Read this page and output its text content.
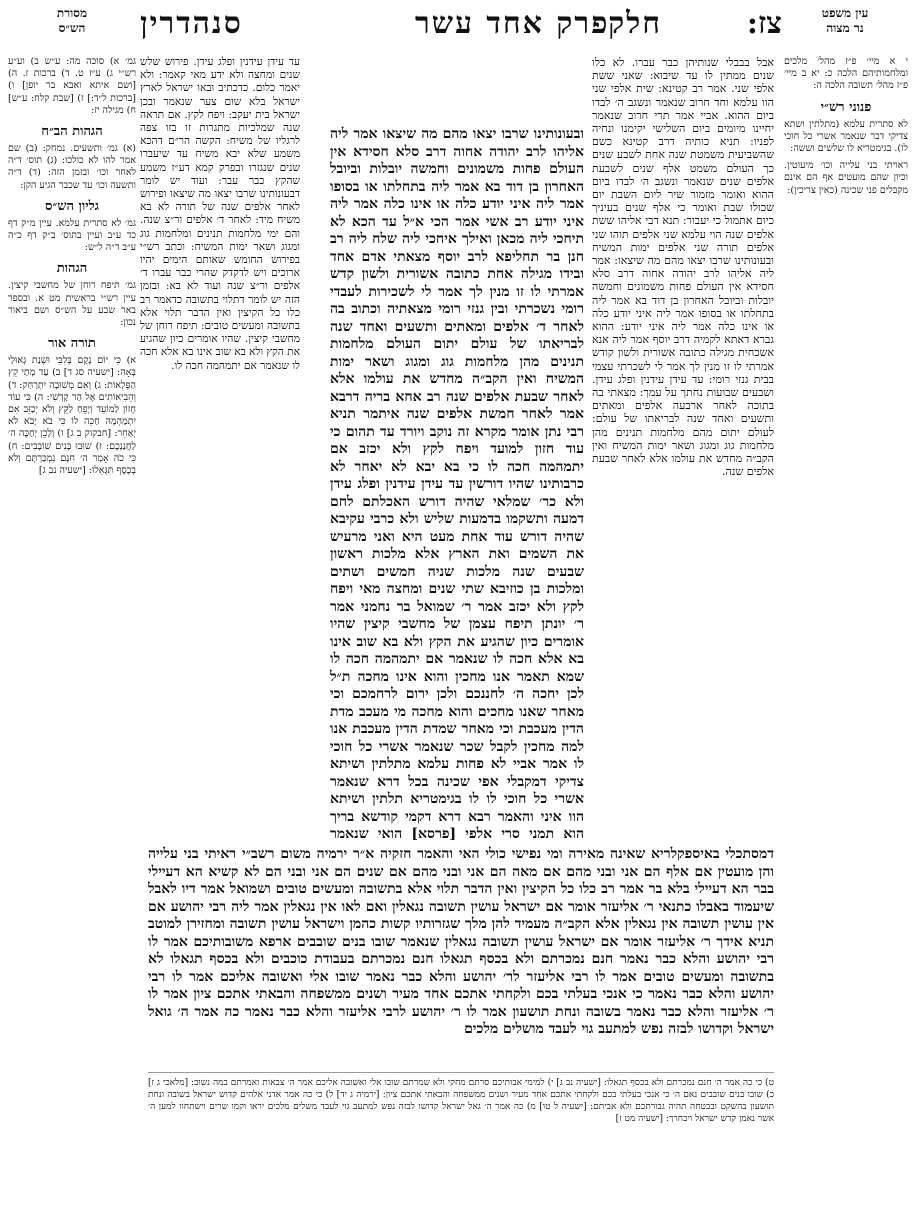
עין משפט
נר מצוה
מסורת
הש״ס	צז:
חלק
פרק אחד עשר
סנהדרין
י א מיי׳ פ״ז מהל׳ מלכים ומלחמותיהם הלכה כ: יא ב מיי׳ פ״ז מהל׳ תשובה הלכה ה:
פנוני רש״י
לא סתרית עלמא (מתלתין ושתא צדיקי דבר שנאמר אשרי כל חוכי לו). בגימטריא לו שלשים וששה:
ראויתי בני עלייה וכו׳ מיעוטין. וכיון שהם מועטים אף הם אינם מקבלים פני שכינה (כאין צריכין):
גמ׳ א) סוכה מה: ע״ש ב) וע״ע רש״י ג) ע״ז ט. ד) ברכות ז. ה) [ושם איתא ואבא בר יופן] ו) [ברכות ל״ד:] ז) [שבת קלח: ע״ש] ח) מגילה יז:
הגהות הב״ח
(א) גמ׳ ותשעים. נמחק: (ב) שם אמר להו לא כולכו: (ג) תוס׳ ד״ה לאחר וכו׳ ובזמן הזה: (ד) ד״ה ותשעה וכו׳ עד שכבר הגיע הקן:
גליון הש״ס
גמ׳ לא סתרית עלמא. עיין מ״ק דף כד ע״ב ועיין בתוס׳ ב״ק דף כ״ה ע״ב ד״ה ל״ש:
הגהות
גמ׳ תיפח רוחן של מחשבי קיצין. עיין רש״י בראשית מט א. ובספר באר שבע על הש״ס ושם ביאור נכון:
תורה אור
א) כִּי יוֹם נָקָם בְּלִבִּי וּשְׁנַת גְּאוּלַי בָּאָה: [ישעיה סג ד] ב) עַד מָתַי קֵץ הַפְּלָאוֹת: ג) וְאִם מְשׁוּבָה יִתְרַחַק: ד) וְהֵבִיאוֹתִים אֶל הַר קָדְשִׁי: ה) כִּי עוֹד חָזוֹן לַמּוֹעֵד וְיָפֵחַ לַקֵּץ וְלֹא יְכַזֵּב אִם יִתְמַהְמָהּ חַכֵּה לוֹ כִּי בֹא יָבֹא לֹא יְאַחֵר: [חבקוק ב ג] ו) וְלָכֵן יְחַכֶּה ה׳ לַחֲנַנְכֶם: ז) שׁוּבוּ בָּנִים שׁוֹבָבִים: ח) כִּי כֹה אָמַר ה׳ חִנָּם נִמְכַּרְתֶּם וְלֹא בְכֶסֶף תִּגָּאֵלוּ: [ישעיה נב ג]
אבל בבבלי שנותיהן כבר עברו. לא כלו שנים ממתין לו עד שיבוא: שאני ששת אלפי שני. אמר רב קטינא: שית אלפי שני הוו עלמא וחד חרוב שנאמר ונשגב ה׳ לבדו ביום ההוא. אביי אמר תרי חרוב שנאמר יחיינו מיומים ביום השלישי יקימנו ונחיה לפניו: תניא כותיה דרב קטינא כשם שהשביעית משמטת שנה אחת לשבע שנים כך העולם משמט אלף שנים לשבעת אלפים שנים שנאמר ונשגב ה׳ לבדו ביום ההוא ואומר מזמור שיר ליום השבת יום שכולו שבת ואומר כי אלף שנים בעיניך כיום אתמול כי יעבור: תנא דבי אליהו ששת אלפים שנה הוי עלמא שני אלפים תוהו שני אלפים תורה שני אלפים ימות המשיח ובעונותינו שרבו יצאו מהם מה שיצאו: אמר ליה אליהו לרב יהודה אחוה דרב סלא חסידא אין העולם פחות משמונים וחמשה יובלות וביובל האחרון בן דוד בא אמר ליה בתחלתו או בסופו אמר ליה איני יודע כלה או אינו כלה אמר ליה איני יודע: ההוא גברא דאתא לקמיה דרב יוסף אמר ליה אנא אשכחית מגילה כתובה אשורית ולשון קודש אמרתי לו זו מנין לך אמר לי לשכרתי עצמי בבית גנזי רומי: עד עידן עידנין ופלג עידן. ושבעים שבועות נחתך על עמך: מצאתי בה בתוכה לאחר ארבעה אלפים ומאתים ותשעים ואחד שנה לבריאתו של עולם: לעולם יתום מהם מלחמות תנינים מהן מלחמות גוג ומגוג ושאר ימות המשיח ואין הקב״ה מחדש את עולמו אלא לאחר שבעת אלפים שנה.
עד עידן עידנין ופלג עידן. פירוש שלש שנים ומחצה ולא ידע מאי קאמר: ולא יאמר כלום. כדכתיב ובאו ישראל לארץ ישראל בלא שום צער שנאמר ובכן ישראל בית יעקב: ויפח לקץ. אם תראה שנה שמלכיות מתגרות זו בזו צפה לרגליו של משיח: הקשה הר״ם דהכא משמע שלא יבא משיח עד שיעברו שנים שנגזרו ובפרק קמא דע״ז משמע שהקץ כבר עבר: ועוד יש לומר דבעונותינו שרבו יצאו מה שיצאו ופירוש לאחר אלפים שנה של תורה לא בא משיח מיד: לאחר ד׳ אלפים ור״צ שנה. והם ימי מלחמות תנינים ומלחמות גוג ומגוג ושאר ימות המשיח: וכתב רש״י בפירוש החומש שאותם הימים יהיו ארוכים ויש לדקדק שהרי כבר עברו ד׳ אלפים ור״צ שנה ועוד לא בא: ובזמן הזה יש לומר דתלוי בתשובה כדאמר רב כלו כל הקיצין ואין הדבר תלוי אלא בתשובה ומעשים טובים: תיפח רוחן של מחשבי קיצין. שהיו אומרים כיון שהגיע את הקץ ולא בא שוב אינו בא אלא חכה לו שנאמר אם יתמהמה חכה לו.
ובעונותינו שרבו יצאו מהם מה שיצאו אמר ליה אליהו לרב יהודה אחוה דרב סלא חסידא אין העולם פחות משמונים וחמשה יובלות וביובל האחרון בן דוד בא אמר ליה בתחלתו או בסופו אמר ליה איני יודע כלה או אינו כלה אמר ליה איני יודע רב אשי אמר הכי א״ל עד הכא לא תיחכי ליה מכאן ואילך איחכי ליה שלח ליה רב חנן בר תחליפא לרב יוסף מצאתי אדם אחד ובידו מגילה אחת כתובה אשורית ולשון קדש אמרתי לו זו מנין לך אמר לי לשכירות לעבדי רומי נשכרתי ובין גנזי רומי מצאתיה וכתוב בה לאחר ד׳ אלפים ומאתים ותשעים ואחד שנה לבריאתו של עולם יתום העולם מלחמות תנינים מהן מלחמות גוג ומגוג ושאר ימות המשיח ואין הקב״ה מחדש את עולמו אלא לאחר שבעת אלפים שנה רב אחא בריה דרבא אמר לאחר חמשת אלפים שנה איתמר תניא רבי נתן אומר מקרא זה נוקב ויורד עד תהום כי עוד חזון למועד ויפח לקץ ולא יכזב אם יתמהמה חכה לו כי בא יבא לא יאחר לא כרבותינו שהיו דורשין עד עידן עידנין ופלג עידן ולא כר׳ שמלאי שהיה דורש האכלתם לחם דמעה ותשקמו בדמעות שליש ולא כרבי עקיבא שהיה דורש עוד אחת מעט היא ואני מרעיש את השמים ואת הארץ אלא מלכות ראשון שבעים שנה מלכות שניה חמשים ושתים ומלכות בן כוזיבא שתי שנים ומחצה מאי ויפח לקץ ולא יכזב אמר ר׳ שמואל בר נחמני אמר ר׳ יונתן תיפח עצמן של מחשבי קיצין שהיו אומרים כיון שהגיע את הקץ ולא בא שוב אינו בא אלא חכה לו שנאמר אם יתמהמה חכה לו שמא תאמר אנו מחכין והוא אינו מחכה ת״ל לכן יחכה ה׳ לחננכם ולכן ירום לרחמכם וכי מאחר שאנו מחכים והוא מחכה מי מעכב מדת הדין מעכבת וכי מאחר שמדת הדין מעכבת אנו למה מחכין לקבל שכר שנאמר אשרי כל חוכי לו אמר אביי לא פחות עלמא מתלתין ושיתא צדיקי דמקבלי אפי שכינה בכל דרא שנאמר אשרי כל חוכי לו לו בגימטריא תלתין ושיתא הוו איני והאמר רבא דרא דקמי קודשא בריך הוא תמני סרי אלפי [פרסא] הואי שנאמר
דמסתכלי באיספקלריא שאינה מאירה ומי נפישי כולי האי והאמר חזקיה א״ר ירמיה משום רשב״י ראיתי בני עלייה והן מועטין אם אלף הם אני ובני מהם אם מאה הם אני ובני מהם אם שנים הם אני ובני הם לא קשיא הא דעיילי בבר הא דעיילי בלא בר אמר רב כלו כל הקיצין ואין הדבר תלוי אלא בתשובה ומעשים טובים ושמואל אמר דיו לאבל שיעמוד באבלו כתנאי ר׳ אליעזר אומר אם ישראל עושין תשובה נגאלין ואם לאו אין נגאלין אמר ליה רבי יהושע אם אין עושין תשובה אין נגאלין אלא הקב״ה מעמיד להן מלך שגזרותיו קשות כהמן וישראל עושין תשובה ומחזירן למוטב תניא אידך ר׳ אליעזר אומר אם ישראל עושין תשובה נגאלין שנאמר שובו בנים שובבים ארפא משובותיכם אמר לו רבי יהושע והלא כבר נאמר חנם נמכרתם ולא בכסף תגאלו חנם נמכרתם בעבודת כוכבים ולא בכסף תגאלו לא בתשובה ומעשים טובים אמר לו רבי אליעזר לר׳ יהושע והלא כבר נאמר שובו אלי ואשובה אליכם אמר לו רבי יהושע והלא כבר נאמר כי אנכי בעלתי בכם ולקחתי אתכם אחד מעיר ושנים ממשפחה והבאתי אתכם ציון אמר לו ר׳ אליעזר והלא כבר נאמר בשובה ונחת תושעון אמר לו ר׳ יהושע לרבי אליעזר והלא כבר נאמר כה אמר ה׳ גואל ישראל וקדושו לבזה נפש למתעב גוי לעבד מושלים מלכים
ט) כי כה אמר ה׳ חנם נמכרתם ולא בכסף תגאלו: [ישעיה נב ג] י) למימי אבותיכם סרתם מחקי ולא שמרתם שובו אלי ואשובה אליכם אמר ה׳ צבאות ואמרתם במה נשוב: [מלאכי ג ז] כ) שובו בנים שובבים נאם ה׳ כי אנכי בעלתי בכם ולקחתי אתכם אחד מעיר ושנים ממשפחה והבאתי אתכם ציון: [ירמיה ג יד] ל) כי כה אמר אדני אלהים קדוש ישראל בשובה ונחת תושעון בהשקט ובבטחה תהיה גבורתכם ולא אביתם: [ישעיה ל טו] מ) כה אמר ה׳ גאל ישראל קדושו לבזה נפש למתעב גוי לעבד משלים מלכים יראו וקמו שרים וישתחוו למען ה׳ אשר נאמן קדש ישראל ויבחרך: [ישעיה מט ז]
